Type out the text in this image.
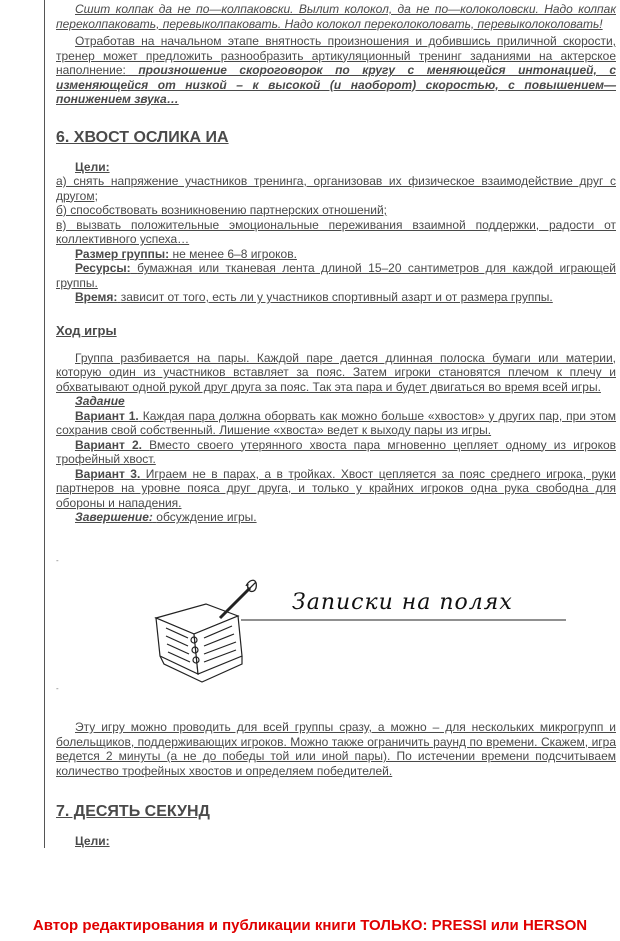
Сшит колпак да не по—колпаковски. Вылит колокол, да не по—колоколовски. Надо колпак переколпаковать, перевыколпаковать. Надо колокол переколоколовать, перевыколоколовать!

Отработав на начальном этапе внятность произношения и добившись приличной скорости, тренер может предложить разнообразить артикуляционный тренинг заданиями на актерское наполнение: произношение скороговорок по кругу с меняющейся интонацией, с изменяющейся от низкой – к высокой (и наоборот) скоростью, с повышением—понижением звука…

6. ХВОСТ ОСЛИКА ИА

Цели:

а) снять напряжение участников тренинга, организовав их физическое взаимодействие друг с другом;

б) способствовать возникновению партнерских отношений;

в) вызвать положительные эмоциональные переживания взаимной поддержки, радости от коллективного успеха…

Размер группы: не менее 6–8 игроков.

Ресурсы: бумажная или тканевая лента длиной 15–20 сантиметров для каждой играющей группы.

Время: зависит от того, есть ли у участников спортивный азарт и от размера группы.

Ход игры

Группа разбивается на пары. Каждой паре дается длинная полоска бумаги или материи, которую один из участников вставляет за пояс. Затем игроки становятся плечом к плечу и обхватывают одной рукой друг друга за пояс. Так эта пара и будет двигаться во время всей игры.

Задание

Вариант 1. Каждая пара должна оборвать как можно больше «хвостов» у других пар, при этом сохранив свой собственный. Лишение «хвоста» ведет к выходу пары из игры.

Вариант 2. Вместо своего утерянного хвоста пара мгновенно цепляет одному из игроков трофейный хвост.

Вариант 3. Играем не в парах, а в тройках. Хвост цепляется за пояс среднего игрока, руки партнеров на уровне пояса друг друга, и только у крайних игроков одна рука свободна для обороны и нападения.

Завершение: обсуждение игры.

-
Записки на полях
-

Эту игру можно проводить для всей группы сразу, а можно – для нескольких микрогрупп и болельщиков, поддерживающих игроков. Можно также ограничить раунд по времени. Скажем, игра ведется 2 минуты (а не до победы той или иной пары). По истечении времени подсчитываем количество трофейных хвостов и определяем победителей.

7. ДЕСЯТЬ СЕКУНД

Цели:

Автор редактирования и публикации книги ТОЛЬКО: PRESSI или HERSON
